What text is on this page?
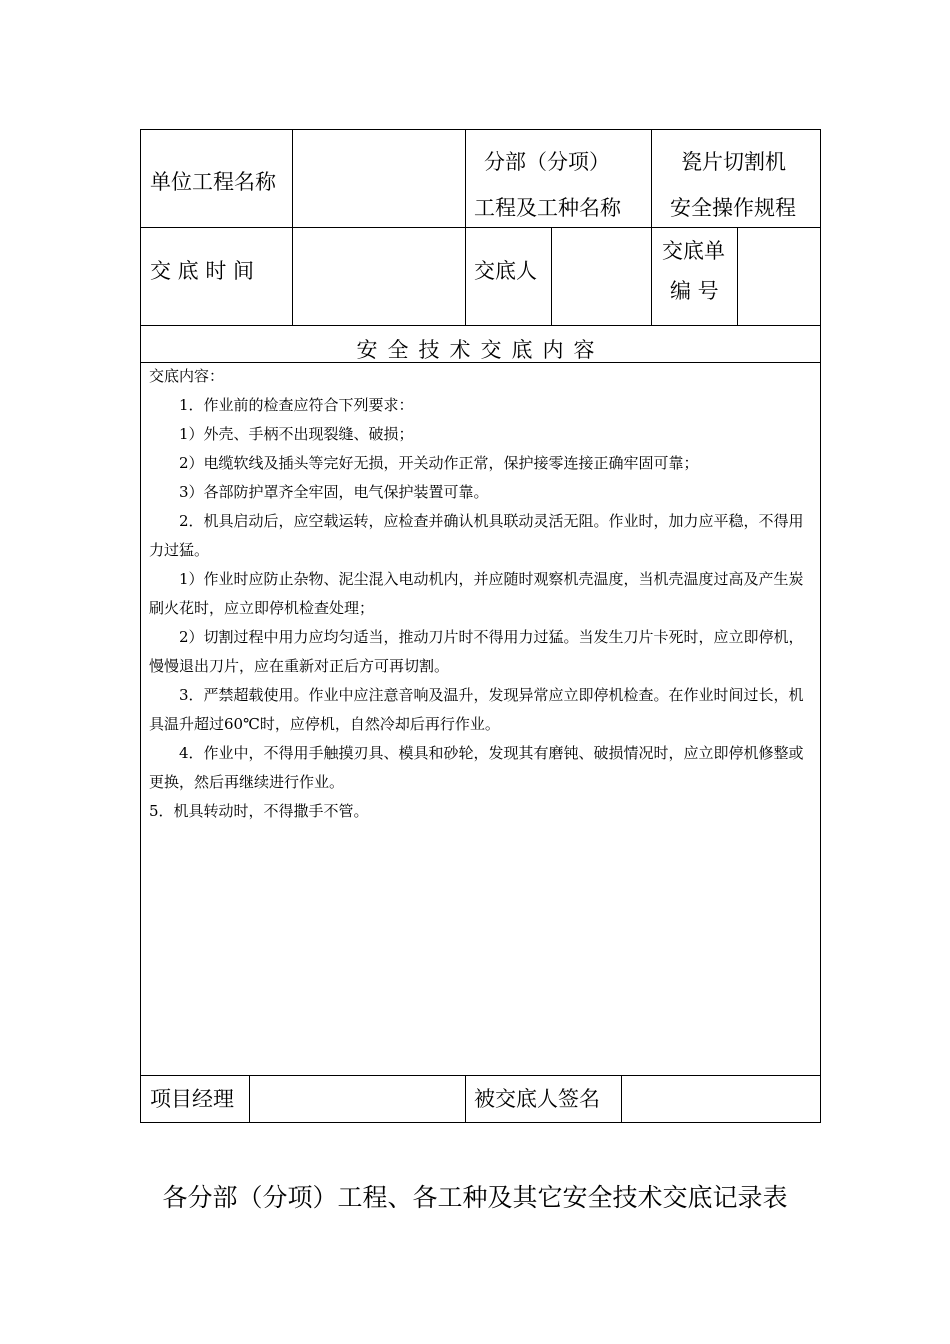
单位工程名称
分部（分项）
工程及工种名称
瓷片切割机
安全操作规程
交 底 时 间	交底人
交底单
编 号
安全技术交底内容

交底内容：

1．作业前的检查应符合下列要求：

1）外壳、手柄不出现裂缝、破损；

2）电缆软线及插头等完好无损，开关动作正常，保护接零连接正确牢固可靠；

3）各部防护罩齐全牢固，电气保护装置可靠。

2．机具启动后，应空载运转，应检查并确认机具联动灵活无阻。作业时，加力应平稳，不得用力过猛。

1）作业时应防止杂物、泥尘混入电动机内，并应随时观察机壳温度，当机壳温度过高及产生炭刷火花时，应立即停机检查处理；

2）切割过程中用力应均匀适当，推动刀片时不得用力过猛。当发生刀片卡死时，应立即停机，慢慢退出刀片，应在重新对正后方可再切割。

3．严禁超载使用。作业中应注意音响及温升，发现异常应立即停机检查。在作业时间过长，机具温升超过60℃时，应停机，自然冷却后再行作业。

4．作业中，不得用手触摸刃具、模具和砂轮，发现其有磨钝、破损情况时，应立即停机修整或更换，然后再继续进行作业。

5．机具转动时，不得撒手不管。

项目经理	被交底人签名
各分部（分项）工程、各工种及其它安全技术交底记录表
